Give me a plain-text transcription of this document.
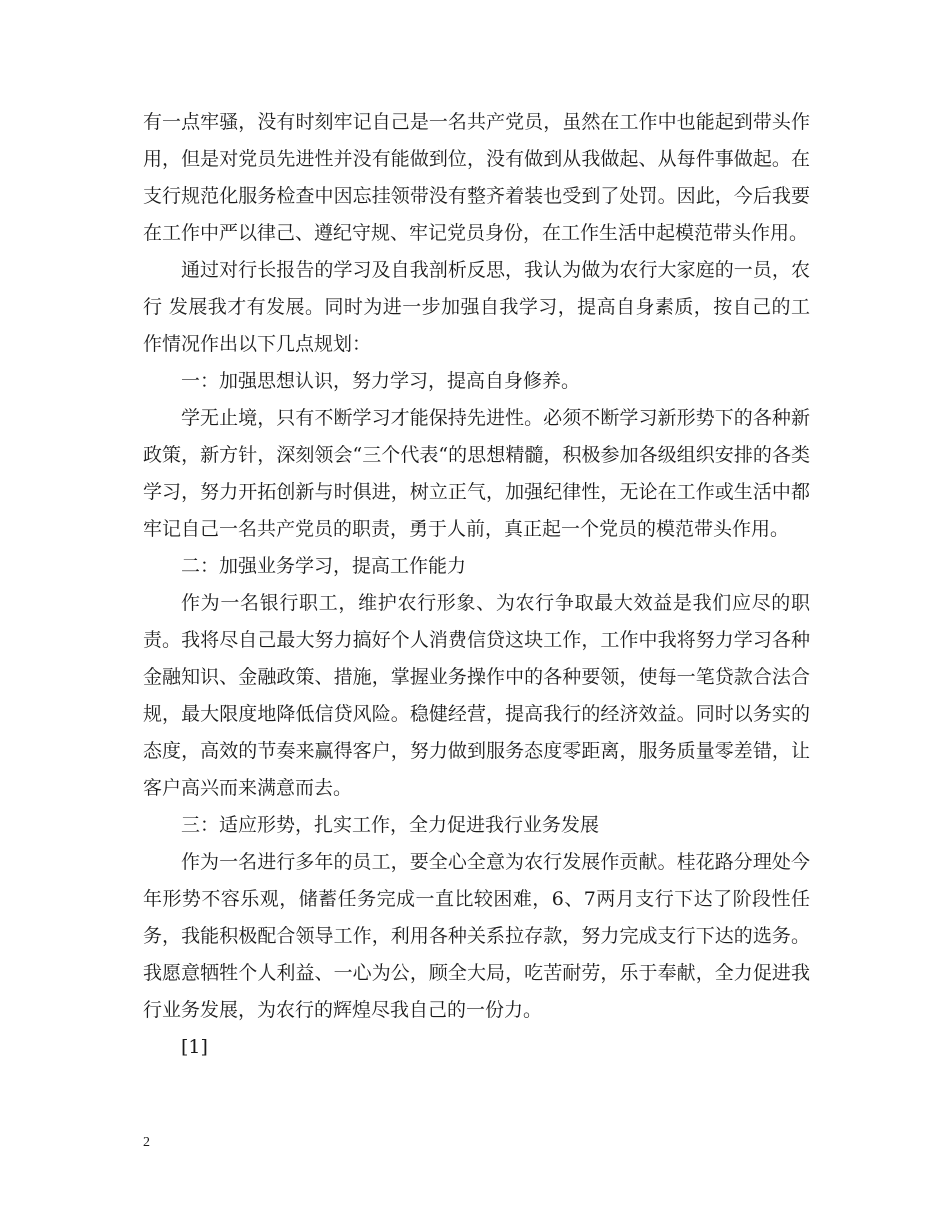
有一点牢骚，没有时刻牢记自己是一名共产党员，虽然在工作中也能起到带头作用，但是对党员先进性并没有能做到位，没有做到从我做起、从每件事做起。在支行规范化服务检查中因忘挂领带没有整齐着装也受到了处罚。因此，今后我要在工作中严以律己、遵纪守规、牢记党员身份，在工作生活中起模范带头作用。

通过对行长报告的学习及自我剖析反思，我认为做为农行大家庭的一员，农行 发展我才有发展。同时为进一步加强自我学习，提高自身素质，按自己的工作情况作出以下几点规划：

一：加强思想认识，努力学习，提高自身修养。

学无止境，只有不断学习才能保持先进性。必须不断学习新形势下的各种新政策，新方针，深刻领会“三个代表“的思想精髓，积极参加各级组织安排的各类学习，努力开拓创新与时俱进，树立正气，加强纪律性，无论在工作或生活中都牢记自己一名共产党员的职责，勇于人前，真正起一个党员的模范带头作用。

二：加强业务学习，提高工作能力

作为一名银行职工，维护农行形象、为农行争取最大效益是我们应尽的职责。我将尽自己最大努力搞好个人消费信贷这块工作，工作中我将努力学习各种金融知识、金融政策、措施，掌握业务操作中的各种要领，使每一笔贷款合法合规，最大限度地降低信贷风险。稳健经营，提高我行的经济效益。同时以务实的态度，高效的节奏来赢得客户，努力做到服务态度零距离，服务质量零差错，让客户高兴而来满意而去。

三：适应形势，扎实工作，全力促进我行业务发展

作为一名进行多年的员工，要全心全意为农行发展作贡献。桂花路分理处今年形势不容乐观，储蓄任务完成一直比较困难，6、7两月支行下达了阶段性任务，我能积极配合领导工作，利用各种关系拉存款，努力完成支行下达的选务。我愿意牺牲个人利益、一心为公，顾全大局，吃苦耐劳，乐于奉献，全力促进我行业务发展，为农行的辉煌尽我自己的一份力。

[1]

2
